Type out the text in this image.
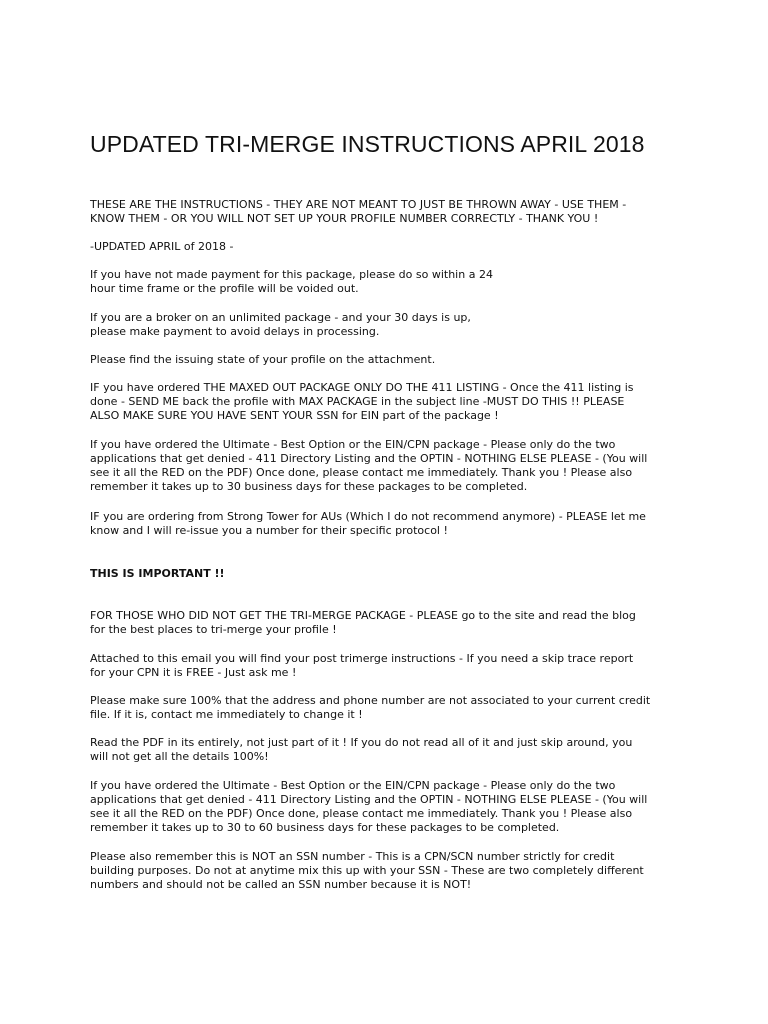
UPDATED TRI-MERGE INSTRUCTIONS APRIL 2018

THESE ARE THE INSTRUCTIONS - THEY ARE NOT MEANT TO JUST BE THROWN AWAY - USE THEM -
KNOW THEM - OR YOU WILL NOT SET UP YOUR PROFILE NUMBER CORRECTLY - THANK YOU !

-UPDATED APRIL of 2018 -

If you have not made payment for this package, please do so within a 24
hour time frame or the profile will be voided out.

If you are a broker on an unlimited package - and your 30 days is up,
please make payment to avoid delays in processing.

Please find the issuing state of your profile on the attachment.

IF you have ordered THE MAXED OUT PACKAGE ONLY DO THE 411 LISTING - Once the 411 listing is
done - SEND ME back the profile with MAX PACKAGE in the subject line -MUST DO THIS !! PLEASE
ALSO MAKE SURE YOU HAVE SENT YOUR SSN for EIN part of the package !

If you have ordered the Ultimate - Best Option or the EIN/CPN package - Please only do the two
applications that get denied - 411 Directory Listing and the OPTIN - NOTHING ELSE PLEASE - (You will
see it all the RED on the PDF) Once done, please contact me immediately. Thank you ! Please also
remember it takes up to 30 business days for these packages to be completed.

IF you are ordering from Strong Tower for AUs (Which I do not recommend anymore) - PLEASE let me
know and I will re-issue you a number for their specific protocol !

THIS IS IMPORTANT !!

FOR THOSE WHO DID NOT GET THE TRI-MERGE PACKAGE - PLEASE go to the site and read the blog
for the best places to tri-merge your profile !

Attached to this email you will find your post trimerge instructions - If you need a skip trace report
for your CPN it is FREE - Just ask me !

Please make sure 100% that the address and phone number are not associated to your current credit
file. If it is, contact me immediately to change it !

Read the PDF in its entirely, not just part of it ! If you do not read all of it and just skip around, you
will not get all the details 100%!

If you have ordered the Ultimate - Best Option or the EIN/CPN package - Please only do the two
applications that get denied - 411 Directory Listing and the OPTIN - NOTHING ELSE PLEASE - (You will
see it all the RED on the PDF) Once done, please contact me immediately. Thank you ! Please also
remember it takes up to 30 to 60 business days for these packages to be completed.

Please also remember this is NOT an SSN number - This is a CPN/SCN number strictly for credit
building purposes. Do not at anytime mix this up with your SSN - These are two completely different
numbers and should not be called an SSN number because it is NOT!
